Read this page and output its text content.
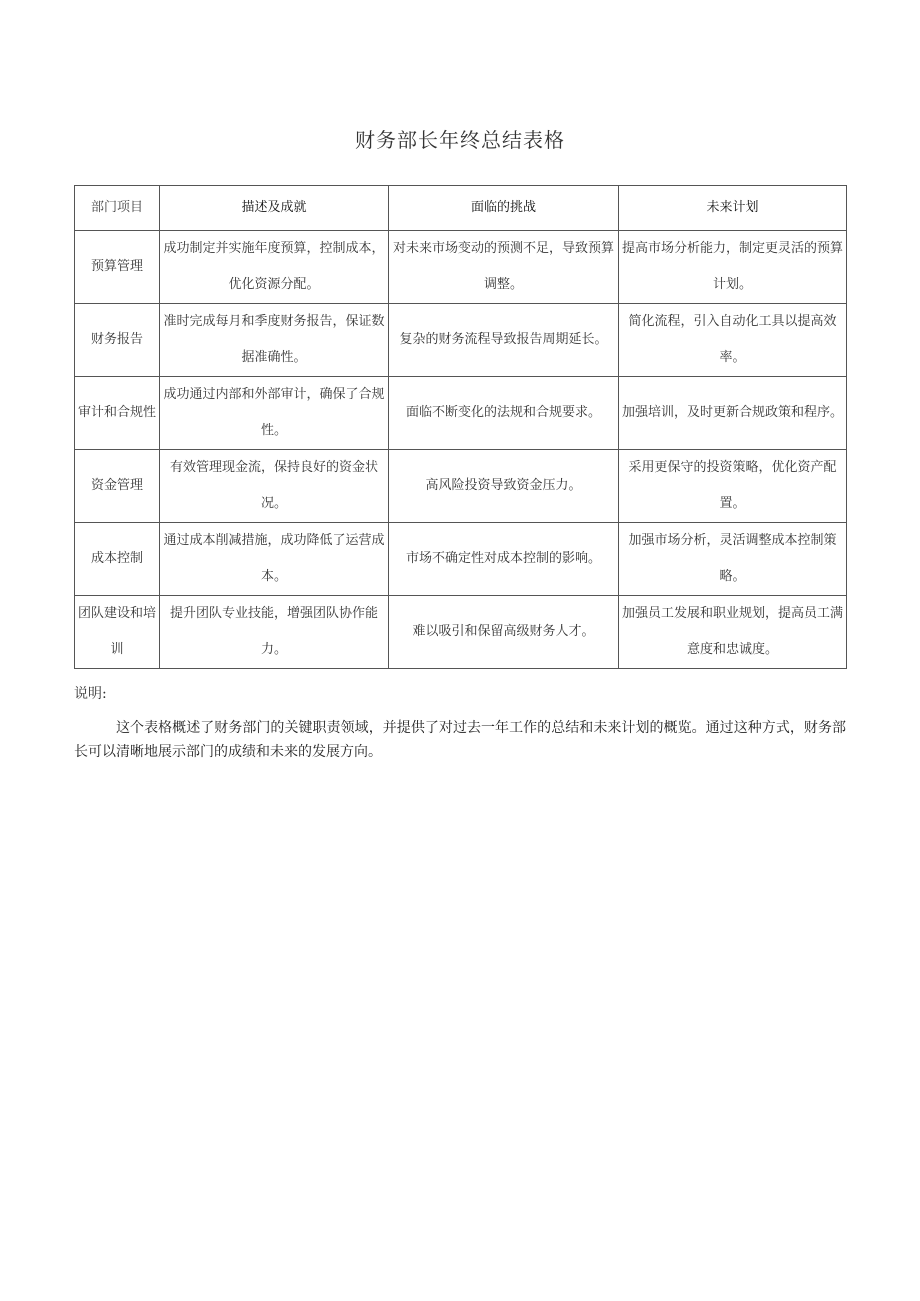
财务部长年终总结表格
部门项目	描述及成就	面临的挑战	未来计划
预算管理	成功制定并实施年度预算，控制成本，优化资源分配。	对未来市场变动的预测不足，导致预算调整。	提高市场分析能力，制定更灵活的预算计划。
财务报告	准时完成每月和季度财务报告，保证数据准确性。	复杂的财务流程导致报告周期延长。	简化流程，引入自动化工具以提高效率。
审计和合规性	成功通过内部和外部审计，确保了合规性。	面临不断变化的法规和合规要求。	加强培训，及时更新合规政策和程序。
资金管理	有效管理现金流，保持良好的资金状况。	高风险投资导致资金压力。	采用更保守的投资策略，优化资产配置。
成本控制	通过成本削减措施，成功降低了运营成本。	市场不确定性对成本控制的影响。	加强市场分析，灵活调整成本控制策略。
团队建设和培训	提升团队专业技能，增强团队协作能力。	难以吸引和保留高级财务人才。	加强员工发展和职业规划，提高员工满意度和忠诚度。
说明:
这个表格概述了财务部门的关键职责领域，并提供了对过去一年工作的总结和未来计划的概览。通过这种方式，财务部长可以清晰地展示部门的成绩和未来的发展方向。
